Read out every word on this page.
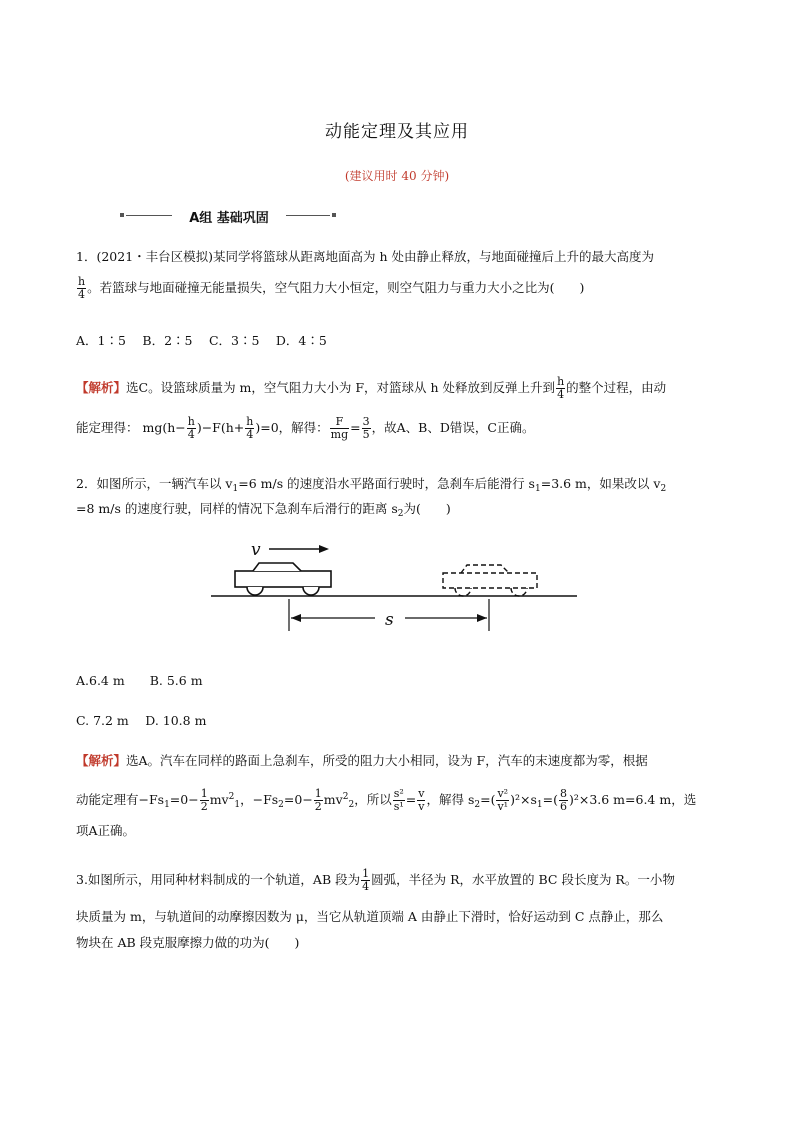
动能定理及其应用
(建议用时 40 分钟)
A组 基础巩固
1．(2021・丰台区模拟)某同学将篮球从距离地面高为 h 处由静止释放，与地面碰撞后上升的最大高度为
$\frac{h}{4}$ 。若篮球与地面碰撞无能量损失，空气阻力大小恒定，则空气阻力与重力大小之比为(　　)
A．1∶5　 B．2∶5　 C．3∶5　 D．4∶5
【解析】选C。设篮球质量为 m，空气阻力大小为 F，对篮球从 h 处释放到反弹上升到 $\frac{h}{4}$ 的整个过程，由动
能定理得： $mg(h- \frac{h}{4} )-F(h+ \frac{h}{4} )=0$，解得： $\frac{F}{mg} = \frac{3}{5}$ ，故A、B、D错误，C正确。
2．如图所示，一辆汽车以 $v_1=6$ m/s 的速度沿水平路面行驶时，急刹车后能滑行 $s_1=3.6$ m，如果改以 $v_2$
=8 m/s 的速度行驶，同样的情况下急刹车后滑行的距离 $s_2$为(　　)
v
s
A.6.4 m　　B. 5.6 m
C. 7.2 m　 D. 10.8 m
【解析】选A。汽车在同样的路面上急刹车，所受的阻力大小相同，设为 F，汽车的末速度都为零，根据
动能定理有$-Fs_1=0- \frac{1}{2} mv^2_1$，$-Fs_2=0- \frac{1}{2} mv^2_2$，所以 $\frac{\text{s²}}{\text{s¹}} = \frac{v}{v}$ ，解得 $s_2=( \frac{\text{v²}}{\text{v¹}} )^2\times s_1=( \frac{8}{6} )^2\times 3.6$ m=6.4 m，选
项A正确。
3.如图所示，用同种材料制成的一个轨道，AB 段为 $\frac{1}{4}$ 圆弧，半径为 R，水平放置的 BC 段长度为 R。一小物
块质量为 m，与轨道间的动摩擦因数为 μ，当它从轨道顶端 A 由静止下滑时，恰好运动到 C 点静止，那么
物块在 AB 段克服摩擦力做的功为(　　)
